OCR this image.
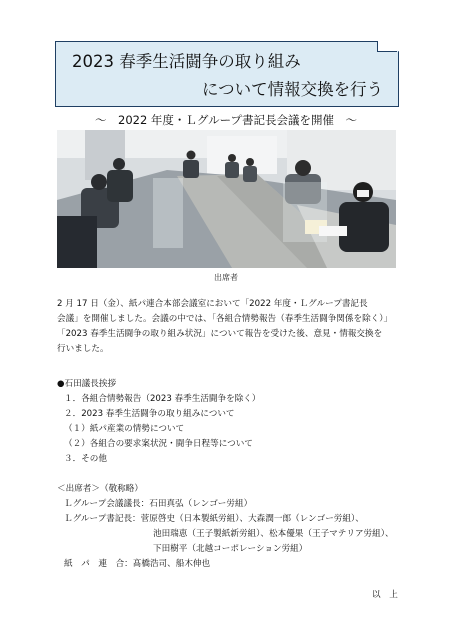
2023 春季生活闘争の取り組み
について情報交換を行う
～　2022 年度・Ｌグループ書記長会議を開催　～
出席者
2 月 17 日（金）、紙パ連合本部会議室において「2022 年度・Ｌグループ書記長
会議」を開催しました。会議の中では、「各組合情勢報告（春季生活闘争関係を除く）」
「2023 春季生活闘争の取り組み状況」について報告を受けた後、意見・情報交換を
行いました。
●石田議長挨拶
１．各組合情勢報告（2023 春季生活闘争を除く）
２．2023 春季生活闘争の取り組みについて
（１）紙パ産業の情勢について
（２）各組合の要求案状況・闘争日程等について
３．その他
＜出席者＞（敬称略）
Ｌグループ会議議長：石田真弘（レンゴー労組）
Ｌグループ書記長：菅原啓史（日本製紙労組）、大森潤一郎（レンゴー労組）、
池田瑞恵（王子製紙新労組）、松本優果（王子マテリア労組）、
下田樹平（北越コーポレーション労組）
紙　パ　連　合：髙橋浩司、船木伸也
以　上
